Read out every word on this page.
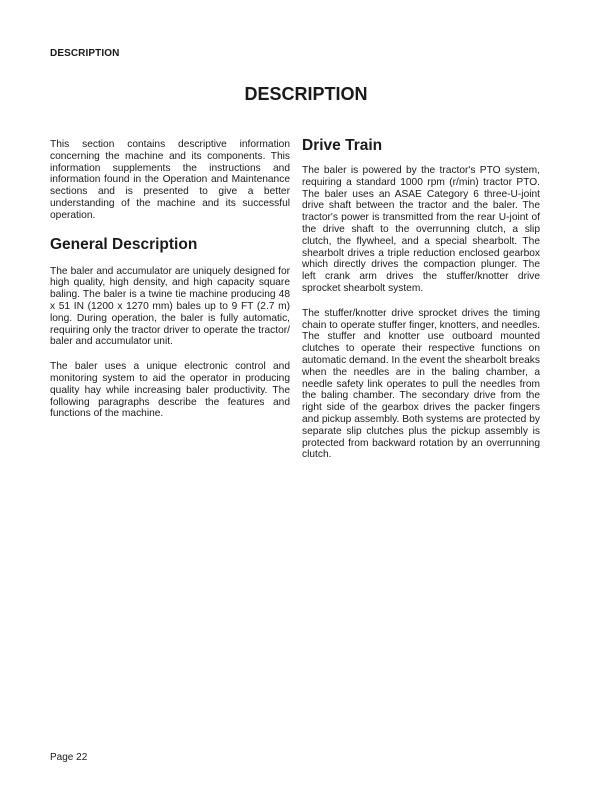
DESCRIPTION
DESCRIPTION

This section contains descriptive information concerning the machine and its components. This information supplements the instructions and information found in the Operation and Maintenance sections and is presented to give a better understanding of the machine and its successful operation.

General Description

The baler and accumulator are uniquely designed for high quality, high density, and high capacity square baling. The baler is a twine tie machine producing 48 x 51 IN (1200 x 1270 mm) bales up to 9 FT (2.7 m) long. During operation, the baler is fully automatic, requiring only the tractor driver to operate the tractor/ baler and accumulator unit.

The baler uses a unique electronic control and monitoring system to aid the operator in producing quality hay while increasing baler productivity. The following paragraphs describe the features and functions of the machine.

Drive Train

The baler is powered by the tractor's PTO system, requiring a standard 1000 rpm (r/min) tractor PTO. The baler uses an ASAE Category 6 three-U-joint drive shaft between the tractor and the baler. The tractor's power is transmitted from the rear U-joint of the drive shaft to the overrunning clutch, a slip clutch, the flywheel, and a special shearbolt. The shearbolt drives a triple reduction enclosed gearbox which directly drives the compaction plunger. The left crank arm drives the stuffer/knotter drive sprocket shearbolt system.

The stuffer/knotter drive sprocket drives the timing chain to operate stuffer finger, knotters, and needles. The stuffer and knotter use outboard mounted clutches to operate their respective functions on automatic demand. In the event the shearbolt breaks when the needles are in the baling chamber, a needle safety link operates to pull the needles from the baling chamber. The secondary drive from the right side of the gearbox drives the packer fingers and pickup assembly. Both systems are protected by separate slip clutches plus the pickup assembly is protected from backward rotation by an overrunning clutch.

Page 22
